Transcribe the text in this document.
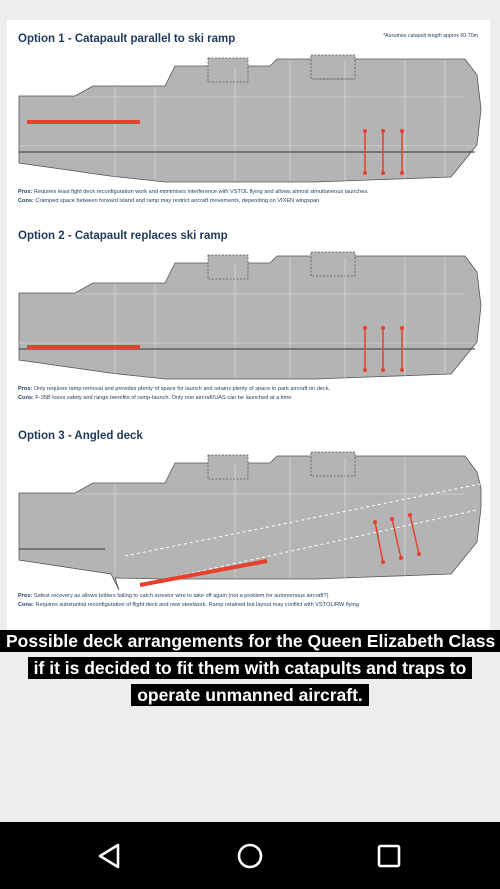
Option 1 - Catapault parallel to ski ramp	*Assumes catapult length approx 60-70m
Pros: Requires least fight deck reconfiguration work and mimimises interference with VSTOL flying and allows almost simultaneous launches.
Cons: Cramped space between forward island and ramp may restrict aircraft movements, depending on VIXEN wingspan

Option 2 - Catapault replaces ski ramp

Pros: Only requires ramp removal and provides plenty of space for launch and retains plenty of space to park aircraft on deck.
Cons: F-35B loses safety and range benefits of ramp-launch. Only one aircraft/UAS can be launched at a time

Option 3 - Angled deck

Pros: Safest recovery as allows bolters failing to catch arrestor wire to take off again (not a problem for autonomous aircraft?)
Cons: Requires substantial reconfiguration of flight deck and new steelwork. Ramp retained but layout may conflict with VSTOL/RW flying
Possible deck arrangements for the Queen Elizabeth Class if it is decided to fit them with catapults and traps to operate unmanned aircraft.
